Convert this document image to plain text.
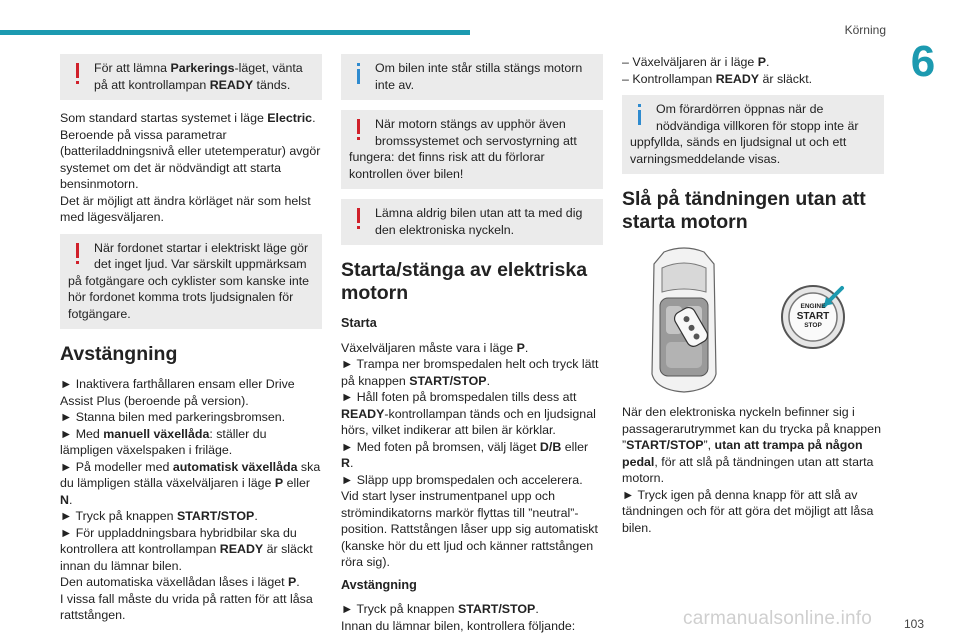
Körning
6
För att lämna Parkerings-läget, vänta på att kontrollampan READY tänds.

Som standard startas systemet i läge Electric.
Beroende på vissa parametrar (batteriladdningsnivå eller utetemperatur) avgör systemet om det är nödvändigt att starta bensinmotorn.
Det är möjligt att ändra körläget när som helst med lägesväljaren.

När fordonet startar i elektriskt läge gör det inget ljud. Var särskilt uppmärksam på fotgängare och cyklister som kanske inte hör fordonet komma trots ljudsignalen för fotgängare.
Avstängning
► Inaktivera farthållaren ensam eller Drive Assist Plus (beroende på version).
► Stanna bilen med parkeringsbromsen.
► Med manuell växellåda: ställer du lämpligen växelspaken i friläge.
► På modeller med automatisk växellåda ska du lämpligen ställa växelväljaren i läge P eller N.
► Tryck på knappen START/STOP.
► För uppladdningsbara hybridbilar ska du kontrollera att kontrollampan READY är släckt innan du lämnar bilen.
Den automatiska växellådan låses i läget P.
I vissa fall måste du vrida på ratten för att låsa rattstången.
Om bilen inte står stilla stängs motorn inte av.
När motorn stängs av upphör även bromssystemet och servostyrning att fungera: det finns risk att du förlorar kontrollen över bilen!
Lämna aldrig bilen utan att ta med dig den elektroniska nyckeln.
Starta/stänga av elektriska motorn
Starta
Växelväljaren måste vara i läge P.
► Trampa ner bromspedalen helt och tryck lätt på knappen START/STOP.
► Håll foten på bromspedalen tills dess att READY-kontrollampan tänds och en ljudsignal hörs, vilket indikerar att bilen är körklar.
► Med foten på bromsen, välj läget D/B eller R.
► Släpp upp bromspedalen och accelerera.
Vid start lyser instrumentpanel upp och strömindikatorns markör flyttas till ”neutral”-position. Rattstången låser upp sig automatiskt (kanske hör du ett ljud och känner rattstången röra sig).
Avstängning
► Tryck på knappen START/STOP.
Innan du lämnar bilen, kontrollera följande:
– Växelväljaren är i läge P.
– Kontrollampan READY är släckt.
Om förardörren öppnas när de nödvändiga villkoren för stopp inte är uppfyllda, sänds en ljudsignal ut och ett varningsmeddelande visas.
Slå på tändningen utan att starta motorn
ENGINE
START
STOP
När den elektroniska nyckeln befinner sig i passagerarutrymmet kan du trycka på knappen ”START/STOP”, utan att trampa på någon pedal, för att slå på tändningen utan att starta motorn.
► Tryck igen på denna knapp för att slå av tändningen och för att göra det möjligt att låsa bilen.
carmanualsonline.info	103
